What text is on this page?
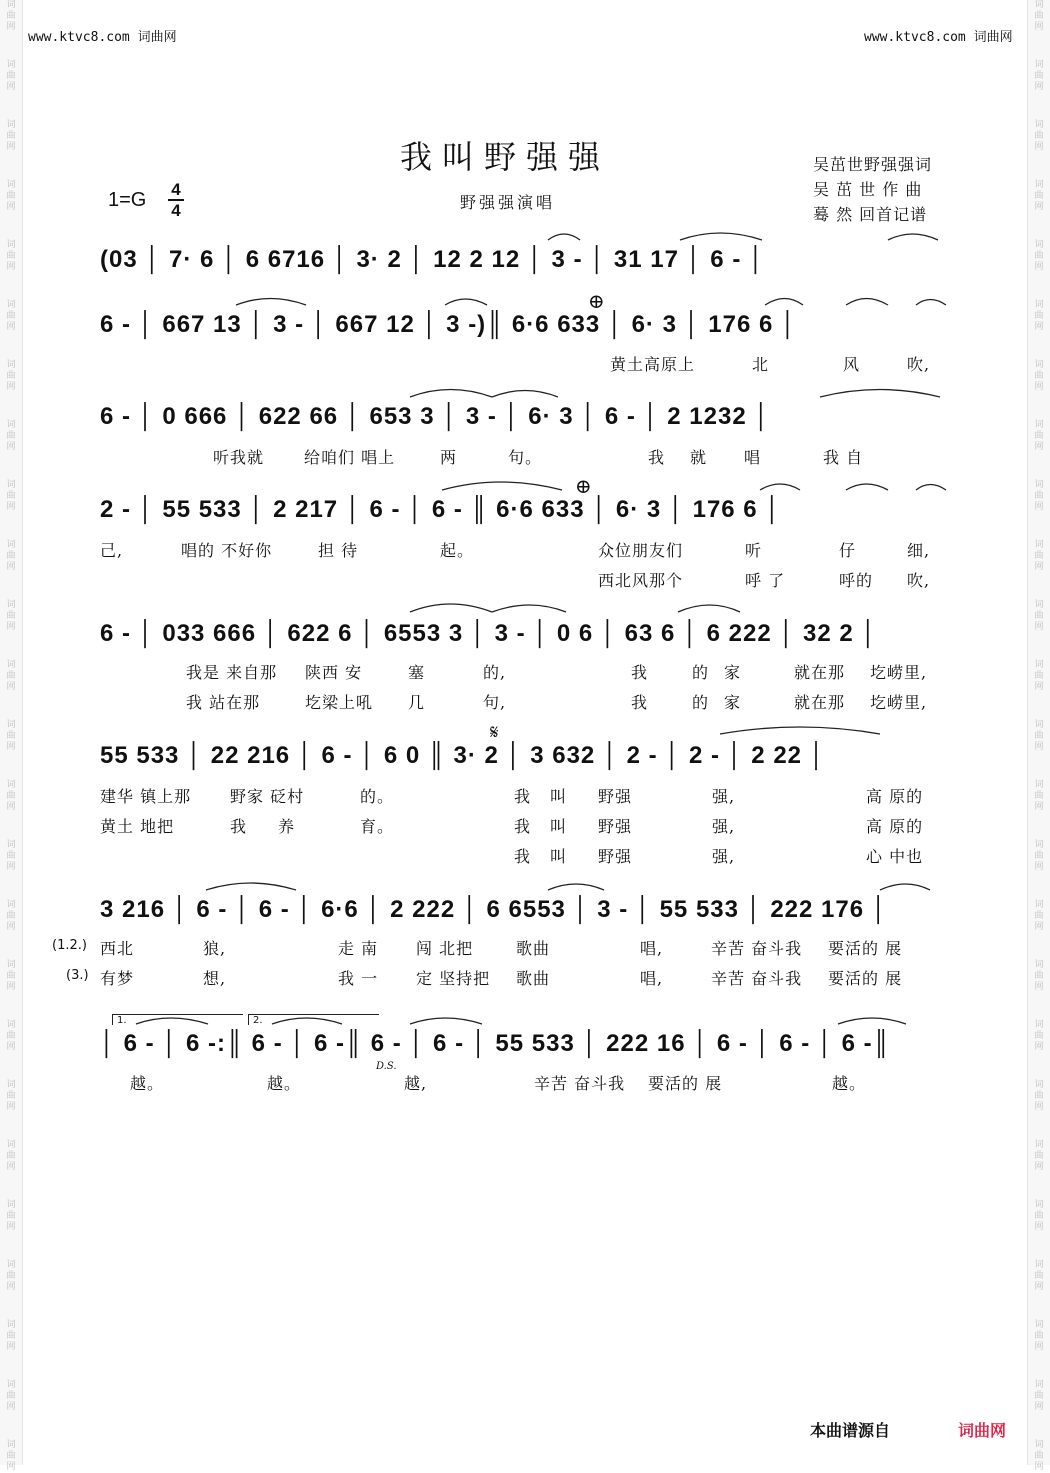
词曲网
词曲网
词曲网
词曲网
词曲网
词曲网
词曲网
词曲网
词曲网
词曲网
词曲网
词曲网
词曲网
词曲网
词曲网
词曲网
词曲网
词曲网
词曲网
词曲网
词曲网
词曲网
词曲网
词曲网
词曲网
词曲网
词曲网
词曲网
词曲网
词曲网
词曲网
词曲网
词曲网
词曲网
词曲网
词曲网
词曲网
词曲网
词曲网
词曲网
词曲网
词曲网
词曲网
词曲网
词曲网
词曲网
词曲网
词曲网
词曲网
词曲网
www.ktvc8.com 词曲网	www.ktvc8.com 词曲网
我叫野强强	吴茁世野强强词
吴 茁 世 作 曲
蓦 然 回首记谱
野强强演唱
1=G	4
4
(03 │ 7· 6 │ 6 6716 │ 3· 2 │ 12 2 12 │ 3 - │ 31 17 │ 6 - │
6 - │ 667 13 │ 3 - │ 667 12 │ 3 -)║ 6·6 633 │ 6· 3 │ 176 6 │
黄土高原上	北	风	吹,
6 - │ 0 666 │ 622 66 │ 653 3 │ 3 - │ 6· 3 │ 6 - │ 2 1232 │
听我就 给咱们 唱上	两	句。	我 就 唱	我 自
2 - │ 55 533 │ 2 217 │ 6 - │ 6 - ║ 6·6 633 │ 6· 3 │ 176 6 │
己,	唱的 不好你	担 待	起。	众位朋友们	听	仔	细,
西北风那个	呼 了	呼的 吹,
6 - │ 033 666 │ 622 6 │ 6553 3 │ 3 - │ 0 6 │ 63 6 │ 6 222 │ 32 2 │
我是 来自那 陕西 安	塞	的,	我	的 家	就在那 圪崂里,
我 站在那	圪梁上吼 几	句,	我	的 家	就在那 圪崂里,
55 533 │ 22 216 │ 6 - │ 6 0 ║ 3· 2 │ 3 632 │ 2 - │ 2 - │ 2 22 │
建华 镇上那 野家 砭村	的。	我 叫 野强	强,	高 原的
黄土 地把	我 养	育。	我 叫 野强	强,	高 原的
我 叫 野强	强,	心 中也
3 216 │ 6 - │ 6 - │ 6·6 │ 2 222 │ 6 6553 │ 3 - │ 55 533 │ 222 176 │
(1.2.) 西北	狼,	走 南 闯 北把	歌曲	唱,	辛苦 奋斗我 要活的 展
(3.) 有梦	想,	我 一 定 坚持把 歌曲	唱,	辛苦 奋斗我 要活的 展
1.	2.
│ 6 - │ 6 -:║ 6 - │ 6 -║ 6 - │ 6 - │ 55 533 │ 222 16 │ 6 - │ 6 - │ 6 -║
D.S.
越。	越。	越,	辛苦 奋斗我 要活的 展	越。
⊕
⊕
𝄋
本曲谱源自	词曲网
